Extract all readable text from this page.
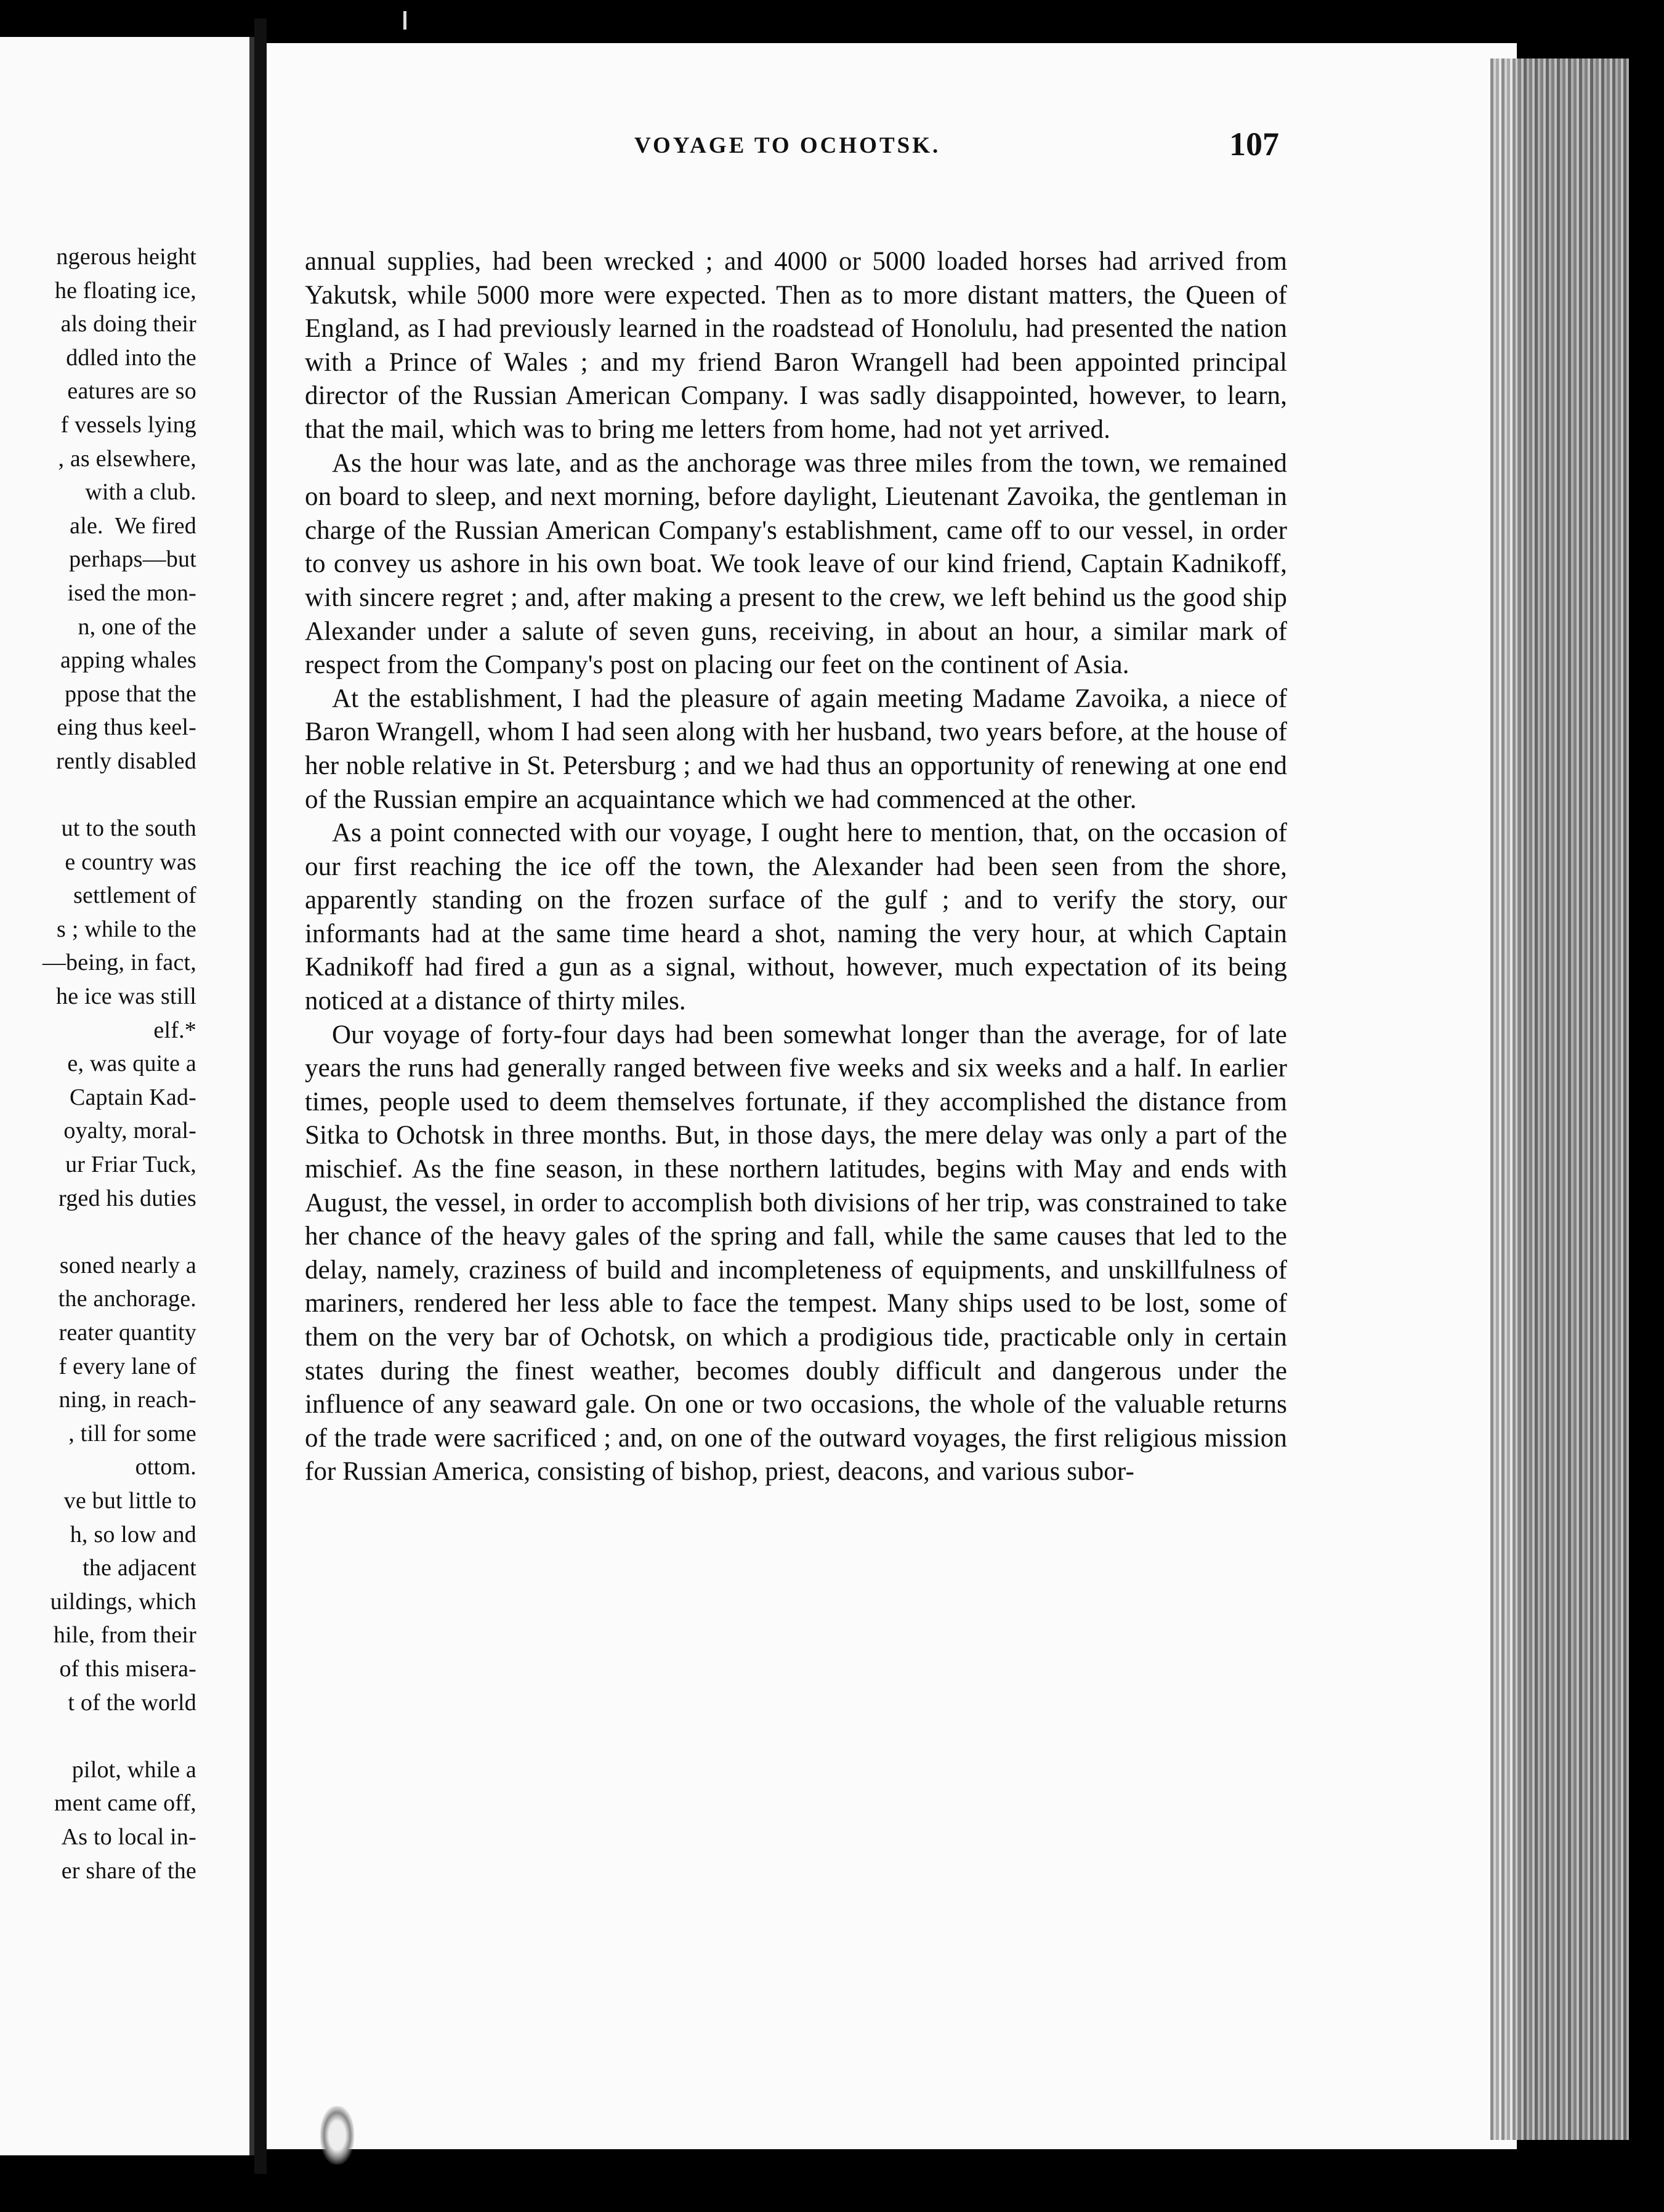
ngerous height
he floating ice,
als doing their
ddled into the
eatures are so
f vessels lying
, as elsewhere,
with a club.
ale.  We fired
perhaps—but
ised the mon-
n, one of the
apping whales
ppose that the
eing thus keel-
rently disabled

ut to the south
e country was
settlement of
s ; while to the
—being, in fact,
he ice was still
elf.*
e, was quite a
Captain Kad-
oyalty, moral-
ur Friar Tuck,
rged his duties

soned nearly a
the anchorage.
reater quantity
f every lane of
ning, in reach-
, till for some
ottom.
ve but little to
h, so low and
the adjacent
uildings, which
hile, from their
of this misera-
t of the world

pilot, while a
ment came off,
As to local in-
er share of the
VOYAGE TO OCHOTSK.	107

annual supplies, had been wrecked ; and 4000 or 5000 loaded horses had arrived from Yakutsk, while 5000 more were expected. Then as to more distant matters, the Queen of England, as I had previously learned in the roadstead of Honolulu, had presented the nation with a Prince of Wales ; and my friend Baron Wrangell had been appointed principal director of the Russian American Company. I was sadly disappointed, however, to learn, that the mail, which was to bring me letters from home, had not yet arrived.

As the hour was late, and as the anchorage was three miles from the town, we remained on board to sleep, and next morning, before daylight, Lieutenant Zavoika, the gentleman in charge of the Russian American Company's establishment, came off to our vessel, in order to convey us ashore in his own boat. We took leave of our kind friend, Captain Kadnikoff, with sincere regret ; and, after making a present to the crew, we left behind us the good ship Alexander under a salute of seven guns, receiving, in about an hour, a similar mark of respect from the Company's post on placing our feet on the continent of Asia.

At the establishment, I had the pleasure of again meeting Madame Zavoika, a niece of Baron Wrangell, whom I had seen along with her husband, two years before, at the house of her noble relative in St. Petersburg ; and we had thus an opportunity of renewing at one end of the Russian empire an acquaintance which we had commenced at the other.

As a point connected with our voyage, I ought here to mention, that, on the occasion of our first reaching the ice off the town, the Alexander had been seen from the shore, apparently standing on the frozen surface of the gulf ; and to verify the story, our informants had at the same time heard a shot, naming the very hour, at which Captain Kadnikoff had fired a gun as a signal, without, however, much expectation of its being noticed at a distance of thirty miles.

Our voyage of forty-four days had been somewhat longer than the average, for of late years the runs had generally ranged between five weeks and six weeks and a half. In earlier times, people used to deem themselves fortunate, if they accomplished the distance from Sitka to Ochotsk in three months. But, in those days, the mere delay was only a part of the mischief. As the fine season, in these northern latitudes, begins with May and ends with August, the vessel, in order to accomplish both divisions of her trip, was constrained to take her chance of the heavy gales of the spring and fall, while the same causes that led to the delay, namely, craziness of build and incompleteness of equipments, and unskillfulness of mariners, rendered her less able to face the tempest. Many ships used to be lost, some of them on the very bar of Ochotsk, on which a prodigious tide, practicable only in certain states during the finest weather, becomes doubly difficult and dangerous under the influence of any seaward gale. On one or two occasions, the whole of the valuable returns of the trade were sacrificed ; and, on one of the outward voyages, the first religious mission for Russian America, consisting of bishop, priest, deacons, and various subor-
